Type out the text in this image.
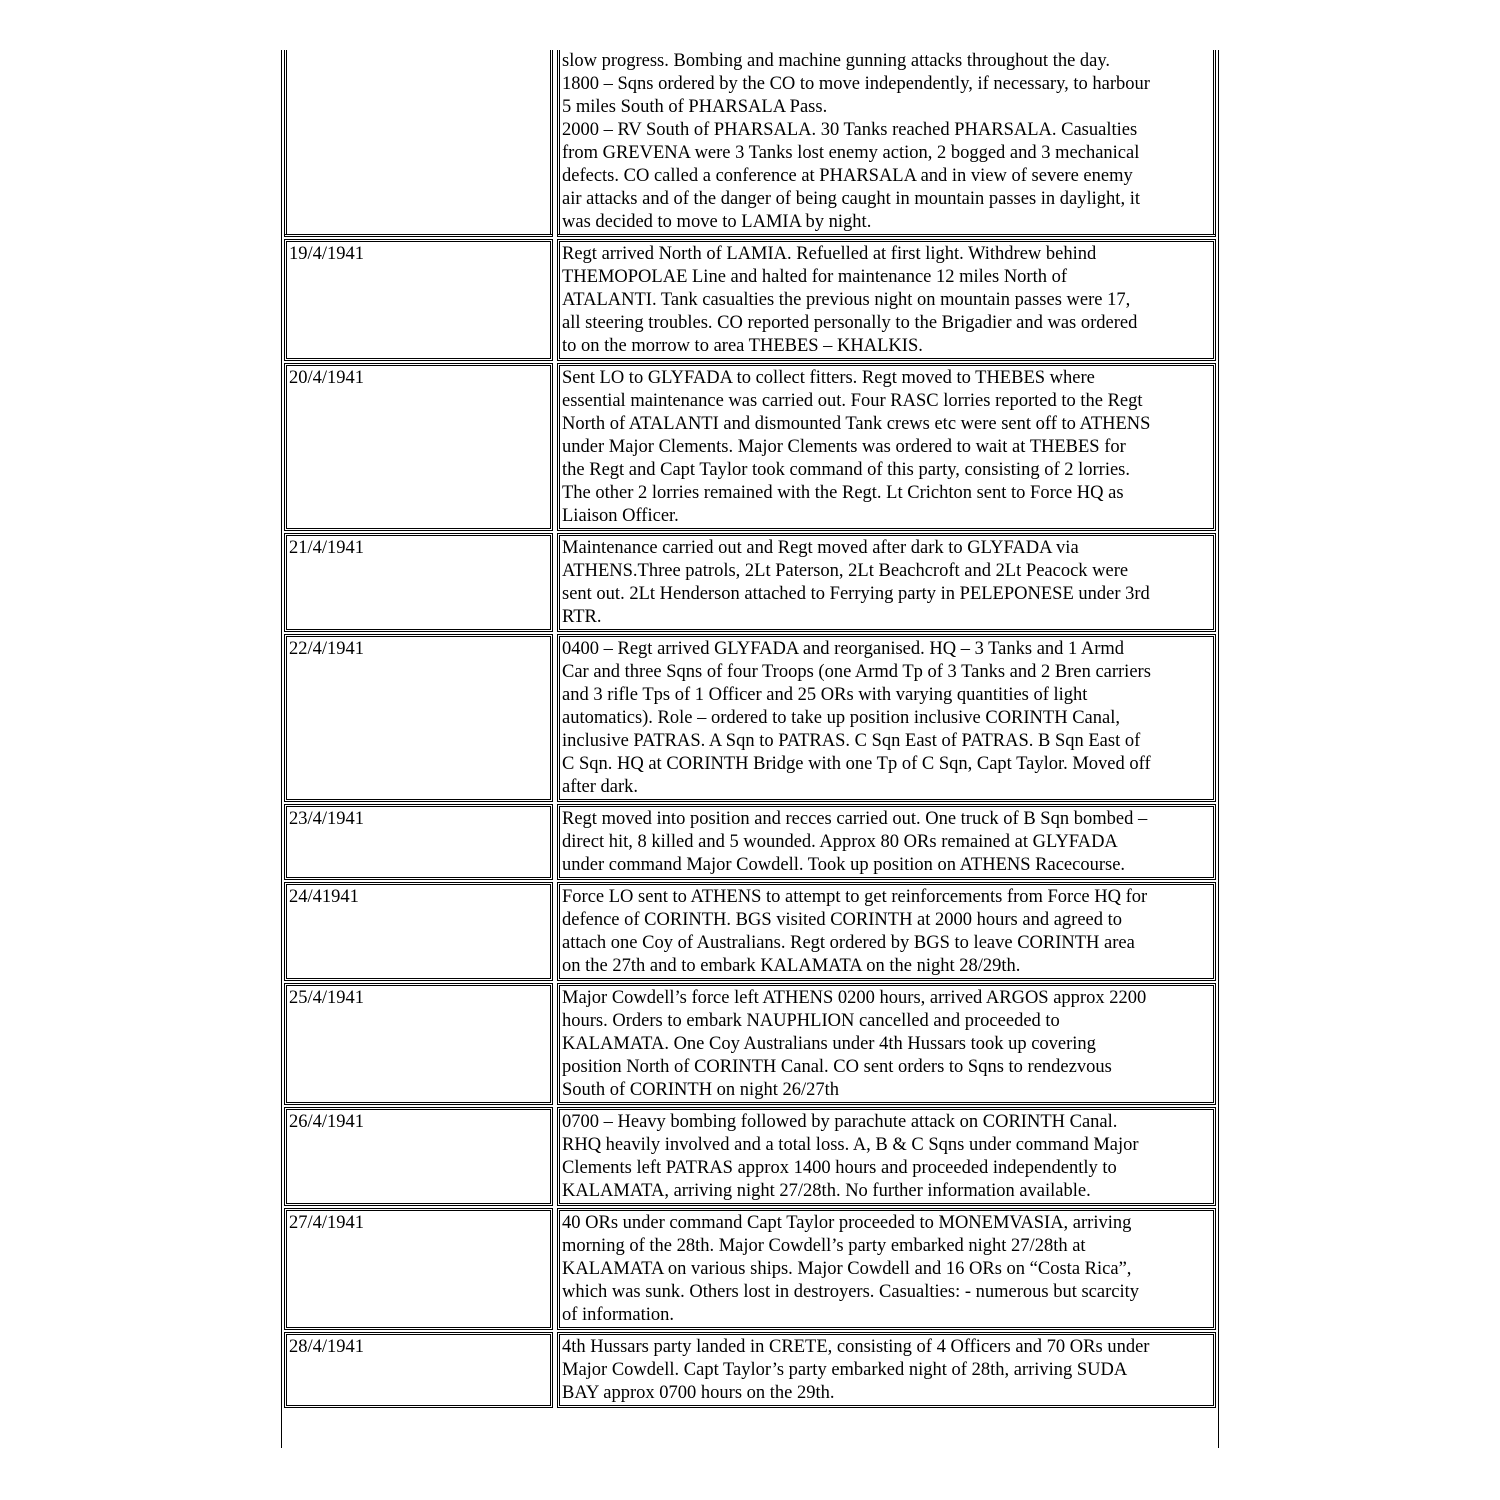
slow progress. Bombing and machine gunning attacks throughout the day.
1800 – Sqns ordered by the CO to move independently, if necessary, to harbour
5 miles South of PHARSALA Pass.
2000 – RV South of PHARSALA. 30 Tanks reached PHARSALA. Casualties
from GREVENA were 3 Tanks lost enemy action, 2 bogged and 3 mechanical
defects. CO called a conference at PHARSALA and in view of severe enemy
air attacks and of the danger of being caught in mountain passes in daylight, it
was decided to move to LAMIA by night.
19/4/1941	Regt arrived North of LAMIA. Refuelled at first light. Withdrew behind
THEMOPOLAE Line and halted for maintenance 12 miles North of
ATALANTI. Tank casualties the previous night on mountain passes were 17,
all steering troubles. CO reported personally to the Brigadier and was ordered
to on the morrow to area THEBES – KHALKIS.
20/4/1941	Sent LO to GLYFADA to collect fitters. Regt moved to THEBES where
essential maintenance was carried out. Four RASC lorries reported to the Regt
North of ATALANTI and dismounted Tank crews etc were sent off to ATHENS
under Major Clements. Major Clements was ordered to wait at THEBES for
the Regt and Capt Taylor took command of this party, consisting of 2 lorries.
The other 2 lorries remained with the Regt. Lt Crichton sent to Force HQ as
Liaison Officer.
21/4/1941	Maintenance carried out and Regt moved after dark to GLYFADA via
ATHENS.Three patrols, 2Lt Paterson, 2Lt Beachcroft and 2Lt Peacock were
sent out. 2Lt Henderson attached to Ferrying party in PELEPONESE under 3rd
RTR.
22/4/1941	0400 – Regt arrived GLYFADA and reorganised. HQ – 3 Tanks and 1 Armd
Car and three Sqns of four Troops (one Armd Tp of 3 Tanks and 2 Bren carriers
and 3 rifle Tps of 1 Officer and 25 ORs with varying quantities of light
automatics). Role – ordered to take up position inclusive CORINTH Canal,
inclusive PATRAS. A Sqn to PATRAS. C Sqn East of PATRAS. B Sqn East of
C Sqn. HQ at CORINTH Bridge with one Tp of C Sqn, Capt Taylor. Moved off
after dark.
23/4/1941	Regt moved into position and recces carried out. One truck of B Sqn bombed –
direct hit, 8 killed and 5 wounded. Approx 80 ORs remained at GLYFADA
under command Major Cowdell. Took up position on ATHENS Racecourse.
24/41941	Force LO sent to ATHENS to attempt to get reinforcements from Force HQ for
defence of CORINTH. BGS visited CORINTH at 2000 hours and agreed to
attach one Coy of Australians. Regt ordered by BGS to leave CORINTH area
on the 27th and to embark KALAMATA on the night 28/29th.
25/4/1941	Major Cowdell’s force left ATHENS 0200 hours, arrived ARGOS approx 2200
hours. Orders to embark NAUPHLION cancelled and proceeded to
KALAMATA. One Coy Australians under 4th Hussars took up covering
position North of CORINTH Canal. CO sent orders to Sqns to rendezvous
South of CORINTH on night 26/27th
26/4/1941	0700 – Heavy bombing followed by parachute attack on CORINTH Canal.
RHQ heavily involved and a total loss. A, B & C Sqns under command Major
Clements left PATRAS approx 1400 hours and proceeded independently to
KALAMATA, arriving night 27/28th. No further information available.
27/4/1941	40 ORs under command Capt Taylor proceeded to MONEMVASIA, arriving
morning of the 28th. Major Cowdell’s party embarked night 27/28th at
KALAMATA on various ships. Major Cowdell and 16 ORs on “Costa Rica”,
which was sunk. Others lost in destroyers. Casualties: - numerous but scarcity
of information.
28/4/1941	4th Hussars party landed in CRETE, consisting of 4 Officers and 70 ORs under
Major Cowdell. Capt Taylor’s party embarked night of 28th, arriving SUDA
BAY approx 0700 hours on the 29th.
